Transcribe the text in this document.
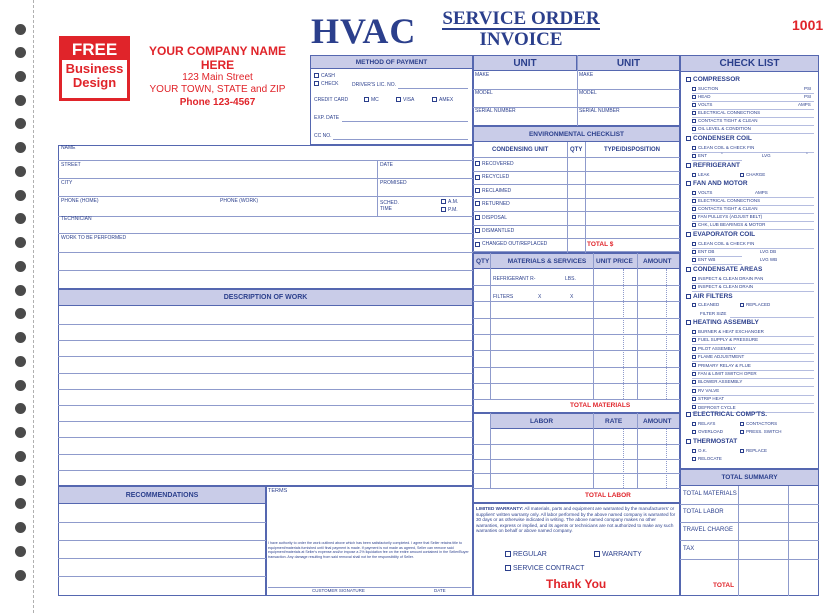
HVAC	SERVICE ORDER
INVOICE
1001
FREE
Business
Design
YOUR COMPANY NAME HERE
123 Main Street
YOUR TOWN, STATE and ZIP
Phone 123-4567
METHOD OF PAYMENT
CASH
CHECK	DRIVER'S LIC. NO.
CREDIT CARD	MC	VISA	AMEX
EXP. DATE
CC NO.
UNIT	UNIT
MAKE	MAKE
MODEL	MODEL
SERIAL NUMBER	SERIAL NUMBER
ENVIRONMENTAL CHECKLIST
CONDENSING UNIT	QTY	TYPE/DISPOSITION
RECOVERED
RECYCLED
RECLAIMED
RETURNED
DISPOSAL
DISMANTLED
CHANGED OUT/REPLACED	TOTAL $
NAME
STREET	DATE
CITY	PROMISED
PHONE (HOME)	PHONE (WORK)	SCHED.
TIME
A.M.
P.M.
TECHNICIAN
WORK TO BE PERFORMED
DESCRIPTION OF WORK
QTY	MATERIALS & SERVICES	UNIT PRICE AMOUNT
REFRIGERANT R-	LBS.
FILTERS	X	X
TOTAL MATERIALS
LABOR	RATE	AMOUNT
TOTAL LABOR
RECOMMENDATIONS
TERMS
I have authority to order the work outlined above which has been satisfactorily completed. I agree that Seller retains title to equipment/materials furnished until final payment is made. If payment is not made as agreed, Seller can remove said equipment/materials at Seller's expense and/or impose a 2% liquidation fee on the entire amount contained in the Seller/Buyer transaction. Any damage resulting from said removal shall not be the responsibility of Seller.
CUSTOMER SIGNATURE	DATE
LIMITED WARRANTY: All materials, parts and equipment are warranted by the manufacturers' or suppliers' written warranty only. All labor performed by the above named company is warranted for 30 days or as otherwise indicated in writing. The above named company makes no other warranties, express or implied, and its agents or technicians are not authorized to make any such warranties on behalf or above named company.
REGULAR	WARRANTY
SERVICE CONTRACT
Thank You
CHECK LIST
COMPRESSOR
SUCTION	PSI
HEAD	PSI
VOLTS	AMPS
ELECTRICAL CONNECTIONS
CONTACTS TIGHT & CLEAN
OIL LEVEL & CONDITION
CONDENSER COIL
CLEAN COIL & CHECK FIN
ENT	°	LVG	°
REFRIGERANT
LEAK	CHARGE
FAN AND MOTOR
VOLTS	AMPS
ELECTRICAL CONNECTIONS
CONTACTS TIGHT & CLEAN
FAN PULLEYS (ADJUST BELT)
CHK, LUB BEARINGS & MOTOR
EVAPORATOR COIL
CLEAN COIL & CHECK FIN
ENT DB	LVG DB
ENT WB	LVG WB
CONDENSATE AREAS
INSPECT & CLEAN DRAIN PAN
INSPECT & CLEAN DRAIN
AIR FILTERS
CLEANED	REPLACED
FILTER SIZE
HEATING ASSEMBLY
BURNER & HEAT EXCHANGER
FUEL SUPPLY & PRESSURE
PILOT ASSEMBLY
FLAME ADJUSTMENT
PRIMARY RELAY & FLUE
FAN & LIMIT SWITCH OPER
BLOWER ASSEMBLY
RV VALVE
STRIP HEAT
DEFROST CYCLE
ELECTRICAL COMP'TS.
RELAYS	CONTACTORS
OVERLOAD	PRESS. SWITCH
THERMOSTAT
O.K.	REPLACE
RELOCATE
TOTAL SUMMARY
TOTAL MATERIALS
TOTAL LABOR
TRAVEL CHARGE
TAX
TOTAL
